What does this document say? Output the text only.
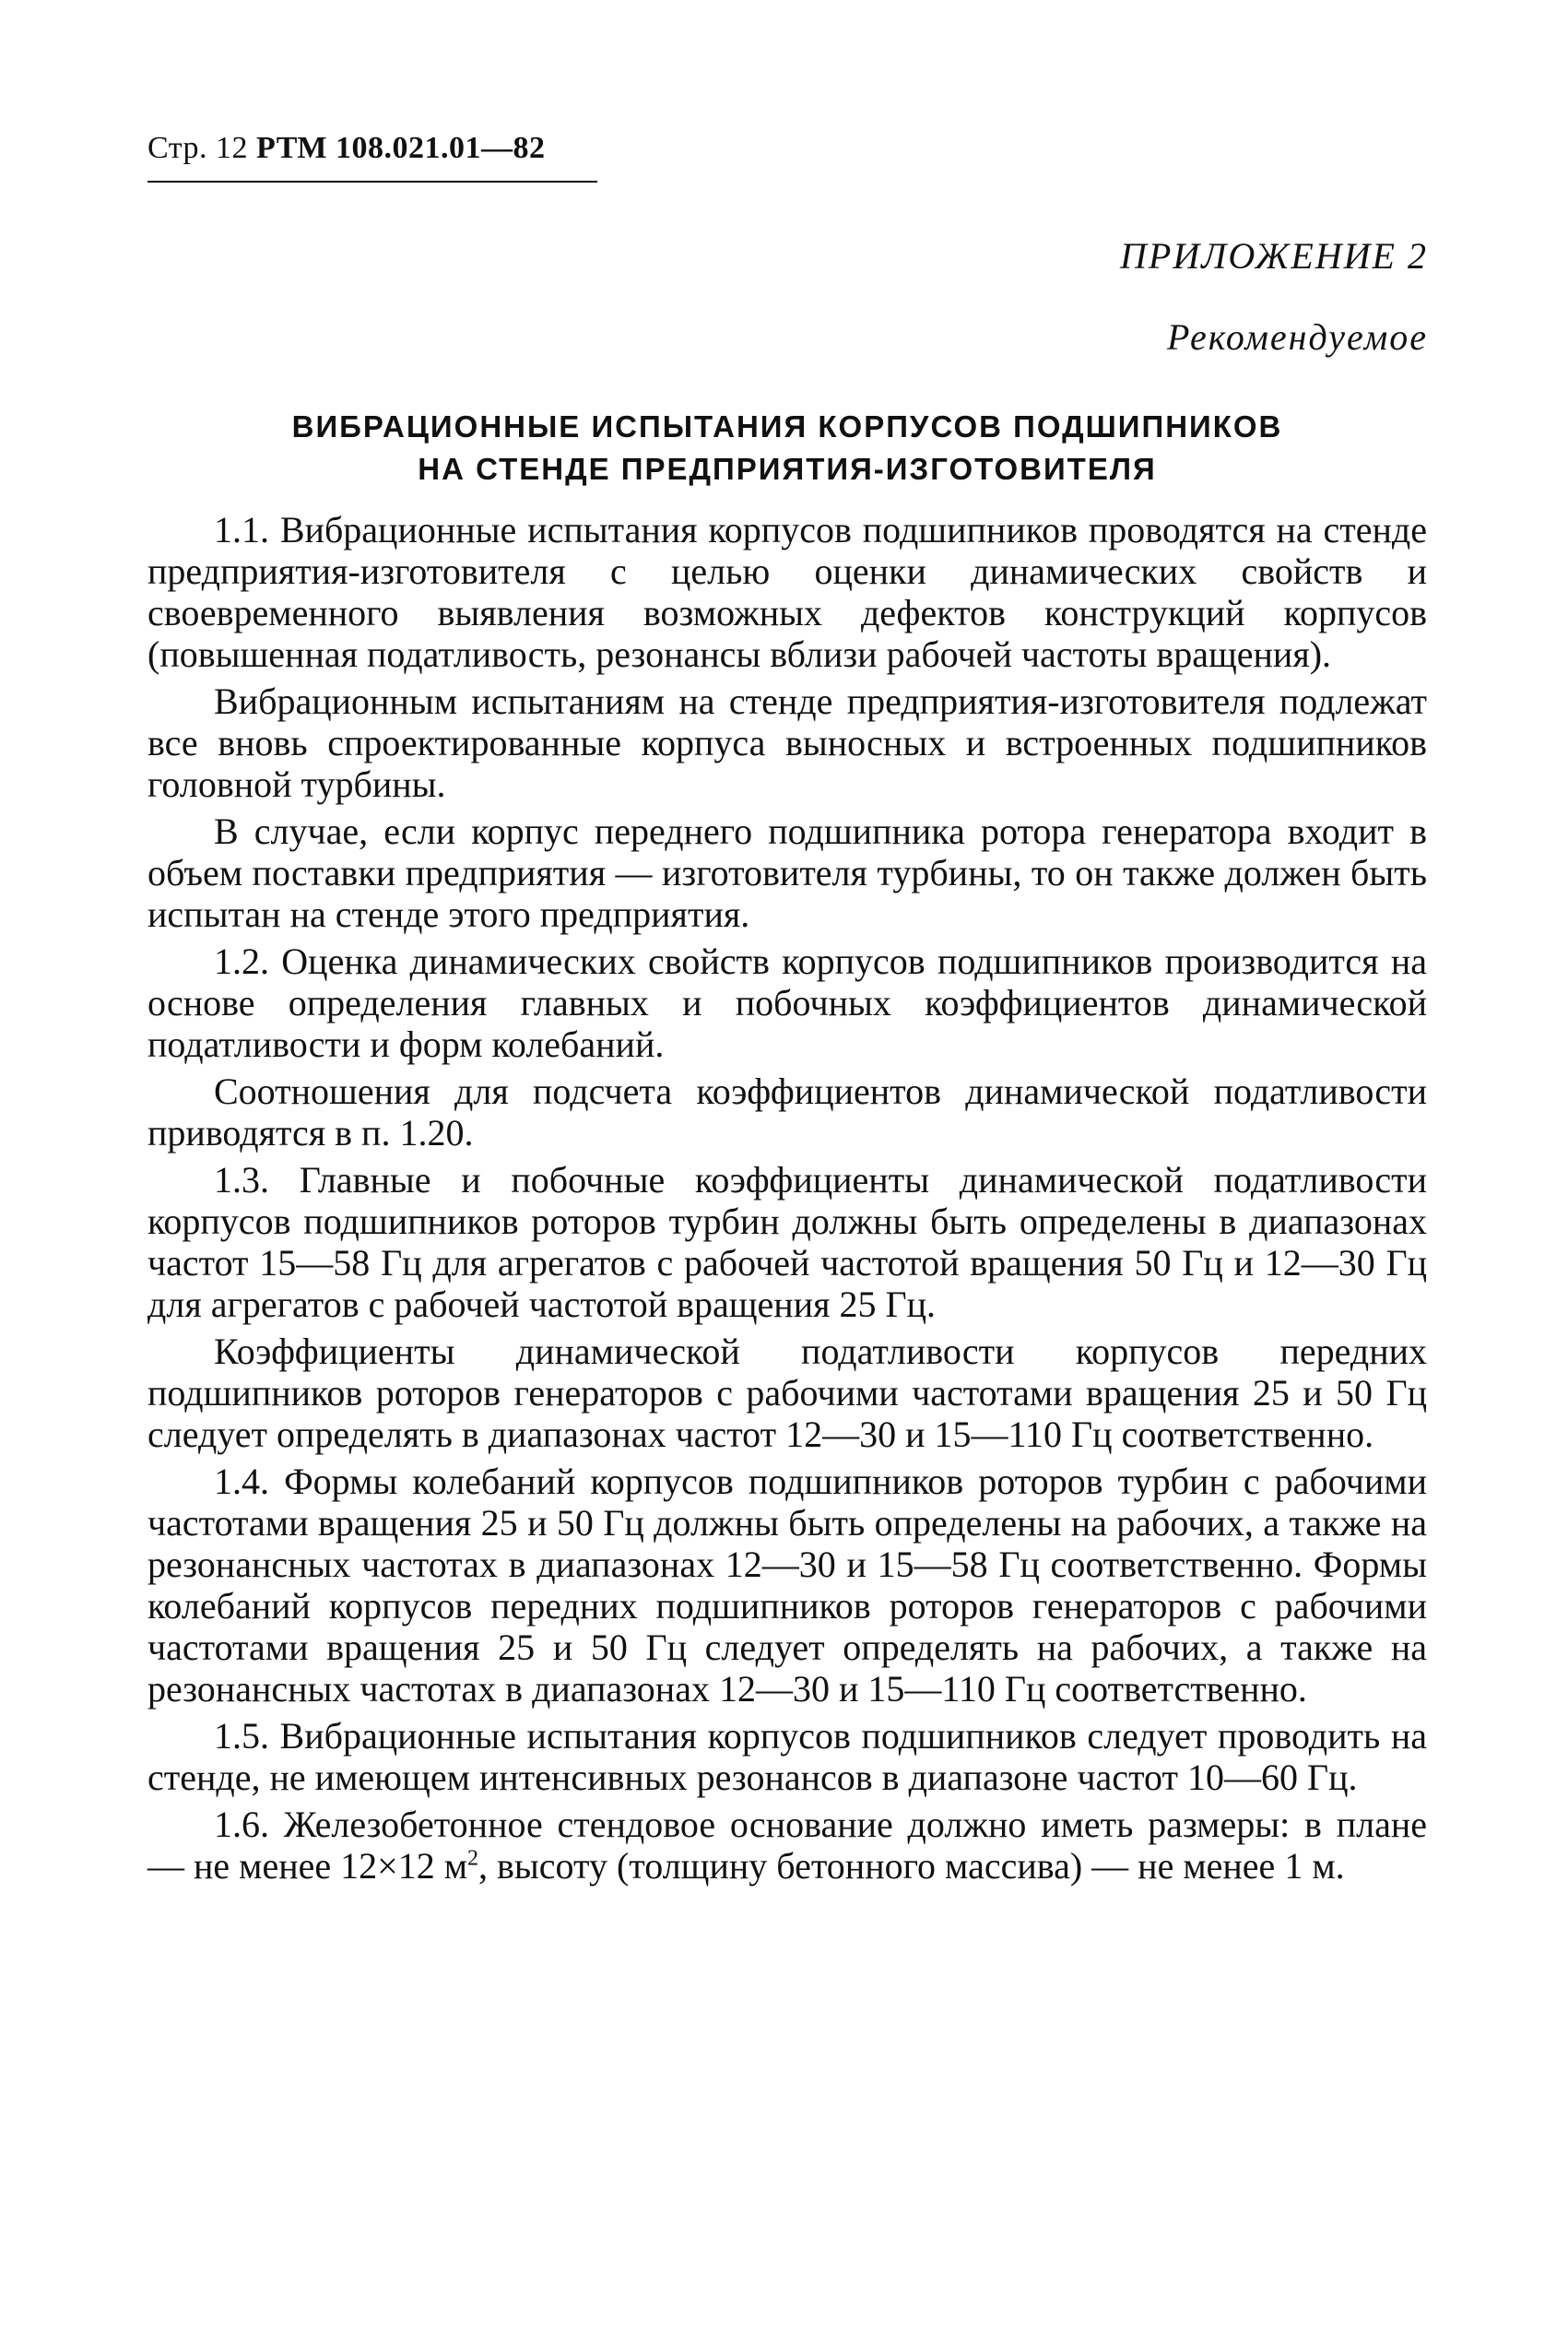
Стр. 12 РТМ 108.021.01—82
ПРИЛОЖЕНИЕ 2
Рекомендуемое
ВИБРАЦИОННЫЕ ИСПЫТАНИЯ КОРПУСОВ ПОДШИПНИКОВ
НА СТЕНДЕ ПРЕДПРИЯТИЯ-ИЗГОТОВИТЕЛЯ

1.1. Вибрационные испытания корпусов подшипников проводятся на стенде предприятия-изготовителя с целью оценки динамических свойств и своевременного выявления возможных дефектов конструкций корпусов (повышенная податливость, резонансы вблизи рабочей частоты вращения).

Вибрационным испытаниям на стенде предприятия-изготовителя подлежат все вновь спроектированные корпуса выносных и встроенных подшипников головной турбины.

В случае, если корпус переднего подшипника ротора генератора входит в объем поставки предприятия — изготовителя турбины, то он также должен быть испытан на стенде этого предприятия.

1.2. Оценка динамических свойств корпусов подшипников производится на основе определения главных и побочных коэффициентов динамической податливости и форм колебаний.

Соотношения для подсчета коэффициентов динамической податливости приводятся в п. 1.20.

1.3. Главные и побочные коэффициенты динамической податливости корпусов подшипников роторов турбин должны быть определены в диапазонах частот 15—58 Гц для агрегатов с рабочей частотой вращения 50 Гц и 12—30 Гц для агрегатов с рабочей частотой вращения 25 Гц.

Коэффициенты динамической податливости корпусов передних подшипников роторов генераторов с рабочими частотами вращения 25 и 50 Гц следует определять в диапазонах частот 12—30 и 15—110 Гц соответственно.

1.4. Формы колебаний корпусов подшипников роторов турбин с рабочими частотами вращения 25 и 50 Гц должны быть определены на рабочих, а также на резонансных частотах в диапазонах 12—30 и 15—58 Гц соответственно. Формы колебаний корпусов передних подшипников роторов генераторов с рабочими частотами вращения 25 и 50 Гц следует определять на рабочих, а также на резонансных частотах в диапазонах 12—30 и 15—110 Гц соответственно.

1.5. Вибрационные испытания корпусов подшипников следует проводить на стенде, не имеющем интенсивных резонансов в диапазоне частот 10—60 Гц.

1.6. Железобетонное стендовое основание должно иметь размеры: в плане — не менее 12×12 $м^2$, высоту (толщину бетонного массива) — не менее 1 м.
